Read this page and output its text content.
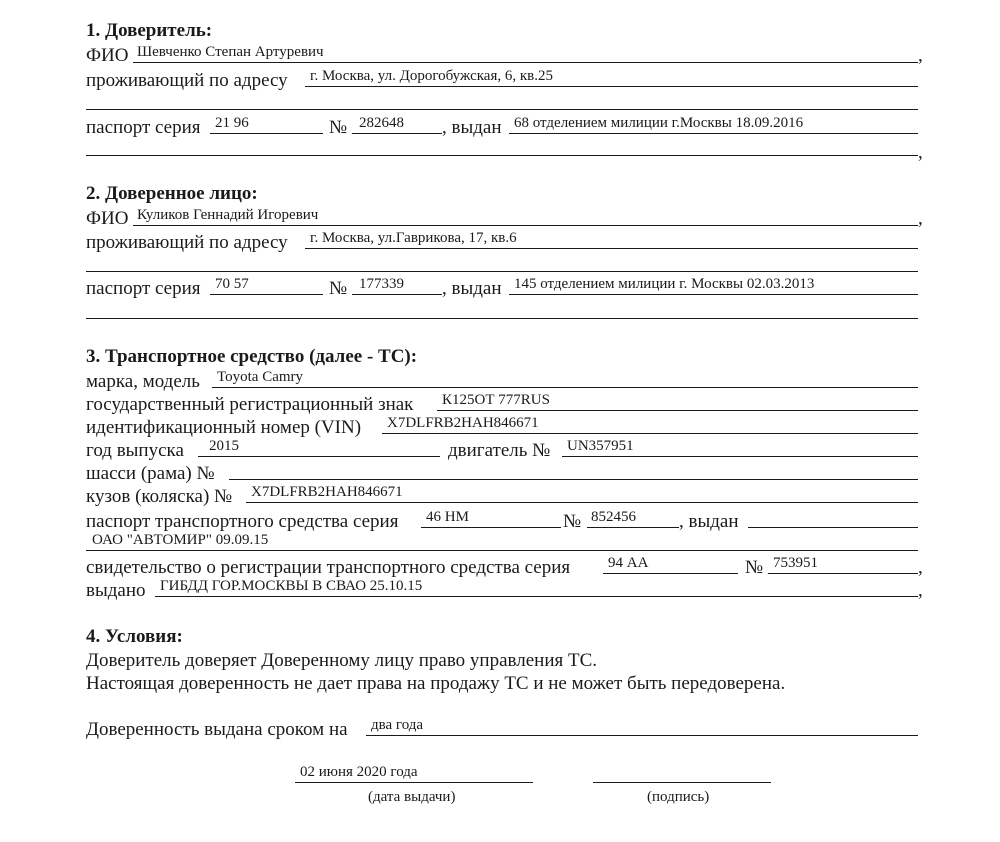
1. Доверитель:
ФИО Шевченко Степан Артуревич	,
проживающий по адресу г. Москва, ул. Дорогобужская, 6, кв.25
паспорт серия 21 96	№ 282648 , выдан 68 отделением милиции г.Москвы 18.09.2016
,
2. Доверенное лицо:
ФИО Куликов Геннадий Игоревич	,
проживающий по адресу г. Москва, ул.Гаврикова, 17, кв.6
паспорт серия 70 57	№ 177339 , выдан 145 отделением милиции г. Москвы 02.03.2013
3. Транспортное средство (далее - ТС):
марка, модель Toyota Camry
государственный регистрационный знак К125ОТ 777RUS
идентификационный номер (VIN) X7DLFRB2HAH846671
год выпуска 2015	двигатель № UN357951
шасси (рама) №
кузов (коляска) № X7DLFRB2HAH846671
паспорт транспортного средства серия 46 НМ	№ 852456 , выдан
ОАО "АВТОМИР" 09.09.15
свидетельство о регистрации транспортного средства серия	94 АА	№ 753951	,
выдано ГИБДД ГОР.МОСКВЫ В СВАО 25.10.15	,
4. Условия:
Доверитель доверяет Доверенному лицу право управления ТС.
Настоящая доверенность не дает права на продажу ТС и не может быть передоверена.
Доверенность выдана сроком на два года
02 июня 2020 года
(дата выдачи)	(подпись)
